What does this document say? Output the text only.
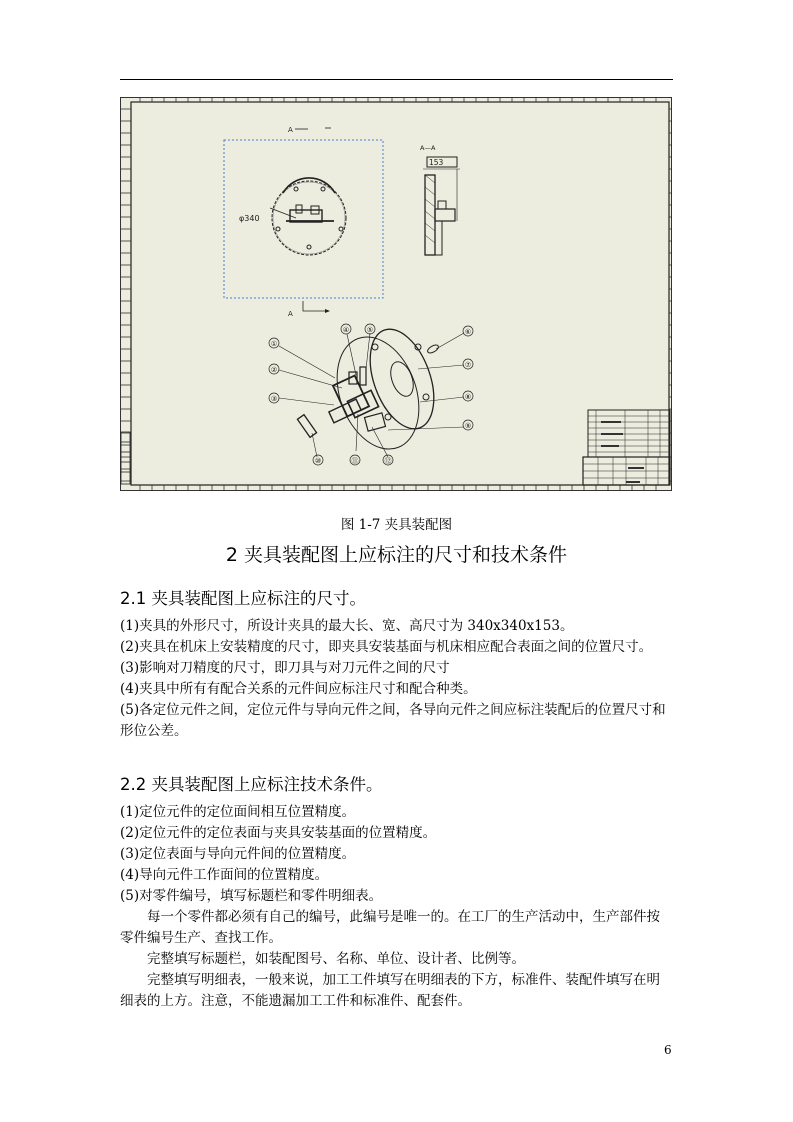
A
A
φ340
A—A
153
①
②
③
④	⑤	⑥
⑦
⑧
⑨
⑩	⑪	⑫
图 1-7 夹具装配图
2 夹具装配图上应标注的尺寸和技术条件
2.1 夹具装配图上应标注的尺寸。

(1)夹具的外形尺寸，所设计夹具的最大长、宽、高尺寸为 340x340x153。

(2)夹具在机床上安装精度的尺寸，即夹具安装基面与机床相应配合表面之间的位置尺寸。

(3)影响对刀精度的尺寸，即刀具与对刀元件之间的尺寸

(4)夹具中所有有配合关系的元件间应标注尺寸和配合种类。

(5)各定位元件之间，定位元件与导向元件之间，各导向元件之间应标注装配后的位置尺寸和形位公差。

2.2 夹具装配图上应标注技术条件。

(1)定位元件的定位面间相互位置精度。

(2)定位元件的定位表面与夹具安装基面的位置精度。

(3)定位表面与导向元件间的位置精度。

(4)导向元件工作面间的位置精度。

(5)对零件编号，填写标题栏和零件明细表。

每一个零件都必须有自己的编号，此编号是唯一的。在工厂的生产活动中，生产部件按零件编号生产、查找工作。

完整填写标题栏，如装配图号、名称、单位、设计者、比例等。

完整填写明细表，一般来说，加工工件填写在明细表的下方，标准件、装配件填写在明细表的上方。注意，不能遗漏加工工件和标准件、配套件。

6
